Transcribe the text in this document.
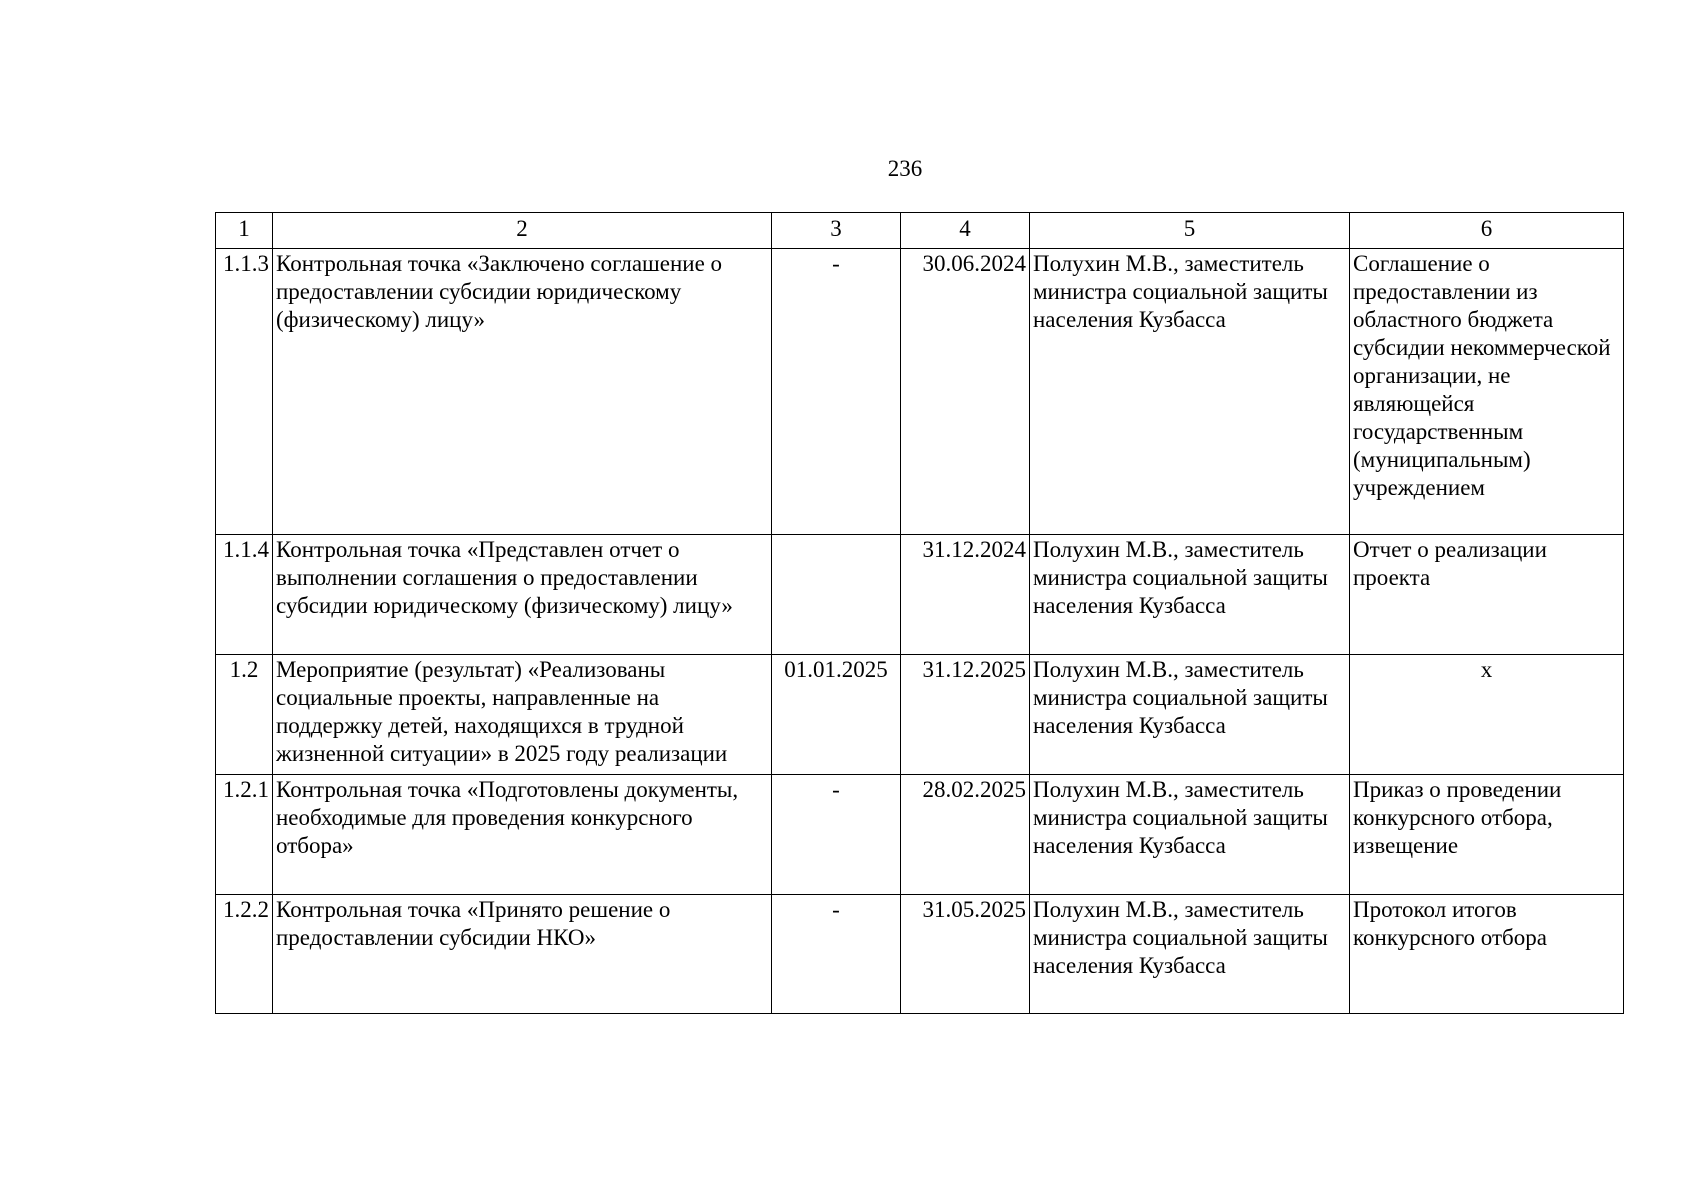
236
1	2	3	4	5	6
1.1.3	Контрольная точка «Заключено соглашение о предоставлении субсидии юридическому (физическому) лицу»	-	30.06.2024	Полухин М.В., заместитель министра социальной защиты населения Кузбасса	Соглашение о предоставлении из областного бюджета субсидии некоммерческой организации, не являющейся государственным (муниципальным) учреждением
1.1.4	Контрольная точка «Представлен отчет о выполнении соглашения о предоставлении субсидии юридическому (физическому) лицу»		31.12.2024	Полухин М.В., заместитель министра социальной защиты населения Кузбасса	Отчет о реализации проекта
1.2	Мероприятие (результат) «Реализованы социальные проекты, направленные на поддержку детей, находящихся в трудной жизненной ситуации» в 2025 году реализации	01.01.2025	31.12.2025	Полухин М.В., заместитель министра социальной защиты населения Кузбасса	х
1.2.1	Контрольная точка «Подготовлены документы, необходимые для проведения конкурсного отбора»	-	28.02.2025	Полухин М.В., заместитель министра социальной защиты населения Кузбасса	Приказ о проведении конкурсного отбора, извещение
1.2.2	Контрольная точка «Принято решение о предоставлении субсидии НКО»	-	31.05.2025	Полухин М.В., заместитель министра социальной защиты населения Кузбасса	Протокол итогов конкурсного отбора
